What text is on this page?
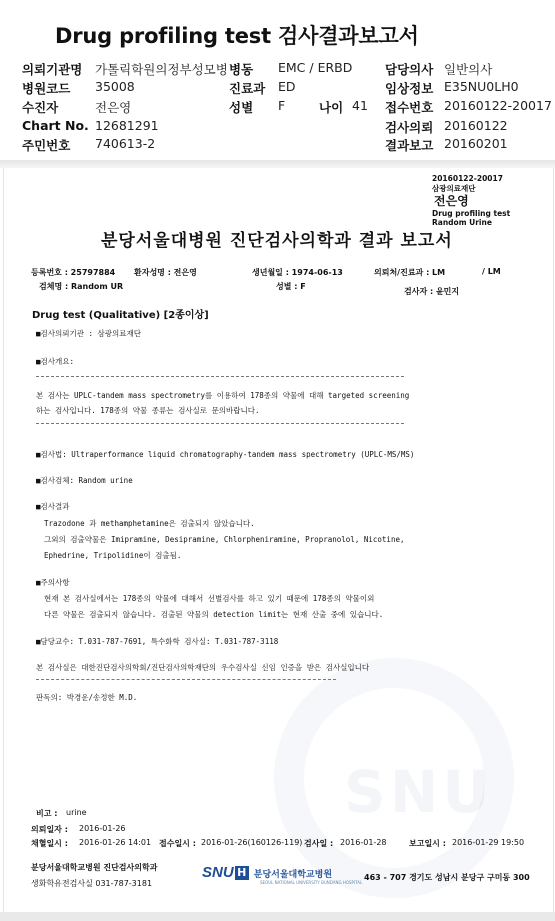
Drug profiling test 검사결과보고서
의뢰기관명 가톨릭학원의정부성모병 병동 EMC / ERBD	담당의사 일반의사
병원코드 35008	진료과 ED	임상정보 E35NU0LH0
수진자	전은영	성별 F	나이 41 접수번호 20160122-20017
Chart No. 12681291	검사의뢰 20160122
주민번호 740613-2	결과보고 20160201
SNU
20160122-20017
삼광의료재단
전은영
Drug profiling test
Random Urine
분당서울대병원 진단검사의학과 결과 보고서
등록번호 : 25797884 환자성명 : 전은영	생년월일 : 1974-06-13	의뢰처/진료과 : LM	/ LM
검체명 : Random UR	성별 : F
검사자 : 윤민지
Drug test (Qualitative) [2종이상]
■검사의뢰기관 : 삼광의료재단
■검사개요:
본 검사는 UPLC-tandem mass spectrometry를 이용하여 178종의 약물에 대해 targeted screening
하는 검사입니다. 178종의 약물 종류는 검사실로 문의바랍니다.
■검사법: Ultraperformance liquid chromatography-tandem mass spectrometry (UPLC-MS/MS)
■검사검체: Random urine
■검사결과
Trazodone 과 methamphetamine은 검출되지 않았습니다.
그외의 검출약물은 Imipramine, Desipramine, Chlorpheniramine, Propranolol, Nicotine,
Ephedrine, Tripolidine이 검출됨.
■주의사항
현재 본 검사실에서는 178종의 약물에 대해서 선별검사를 하고 있기 때문에 178종의 약물이외
다른 약물은 검출되지 않습니다. 검출된 약물의 detection limit는 현재 산출 중에 있습니다.
■담당교수: T.031-787-7691, 특수화학 검사실: T.031-787-3118
본 검사실은 대한진단검사의학회/진단검사의학재단의 우수검사실 신임 인증을 받은 검사실입니다
판독의: 박경운/송정한 M.D.
비고 : urine
의뢰일자 : 2016-01-26
채혈일시 : 2016-01-26 14:01 접수일시 : 2016-01-26(160126-119) 검사일 : 2016-01-28	보고일시 : 2016-01-29 19:50
분당서울대학교병원 진단검사의학과
생화학유전검사실 031-787-3181
SNU H 분당서울대학교병원
SEOUL NATIONAL UNIVERSITY BUNDANG HOSPITAL
463 - 707 경기도 성남시 분당구 구미동 300
